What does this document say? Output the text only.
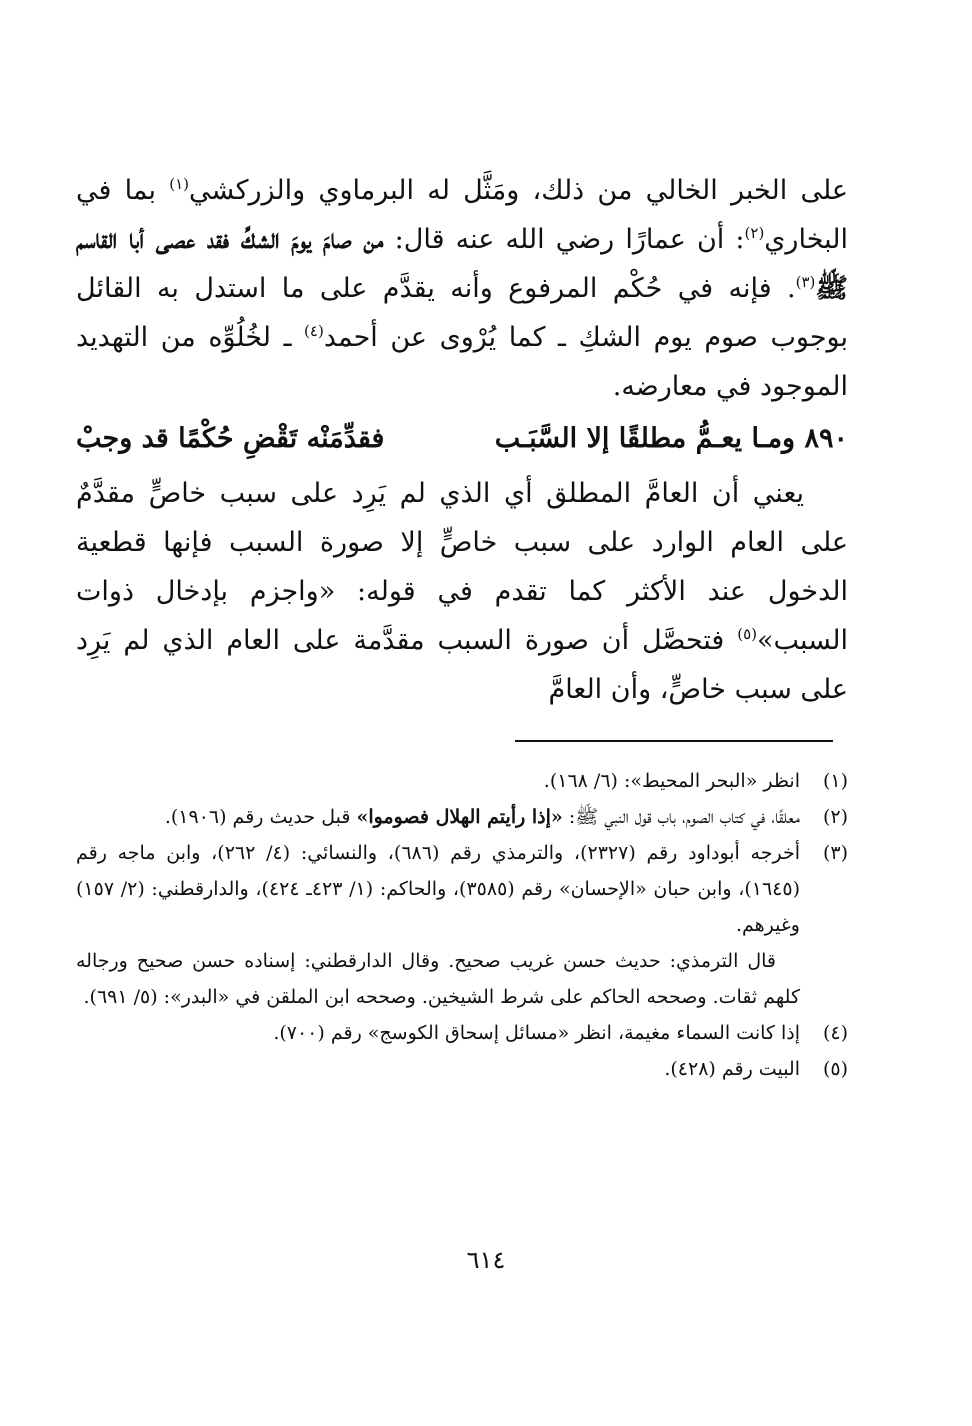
على الخبر الخالي من ذلك، ومَثَّل له البرماوي والزركشي$^{(١)}$ بما في البخاري$^{(٢)}$: أن عمارًا رضي الله عنه قال: من صامَ يومَ الشكِّ فقد عصى أبا القاسم ﷺ$^{(٣)}$. فإنه في حُكْم المرفوع وأنه يقدَّم على ما استدل به القائل بوجوب صوم يوم الشكِ ـ كما يُرْوى عن أحمد$^{(٤)}$ ـ لخُلُوِّه من التهديد الموجود في معارضه.

٨٩٠ ومـا يعـمُّ مطلقًا إلا السَّبَـب
فقدِّمَنْه تَقْضِ حُكْمًا قد وجبْ

يعني أن العامَّ المطلق أي الذي لم يَرِد على سبب خاصٍّ مقدَّمٌ على العام الوارد على سبب خاصٍّ إلا صورة السبب فإنها قطعية الدخول عند الأكثر كما تقدم في قوله: «واجزم بإدخال ذوات السبب»$^{(٥)}$ فتحصَّل أن صورة السبب مقدَّمة على العام الذي لم يَرِد على سبب خاصٍّ، وأن العامَّ

(١)
انظر «البحر المحيط»: (٦/ ١٦٨).
(٢)
معلقًا، في كتاب الصوم، باب قول النبي ﷺ: «إذا رأيتم الهلال فصوموا» قبل حديث رقم (١٩٠٦).
(٣)
أخرجه أبوداود رقم (٢٣٢٧)، والترمذي رقم (٦٨٦)، والنسائي: (٤/ ٢٦٢)، وابن ماجه رقم (١٦٤٥)، وابن حبان «الإحسان» رقم (٣٥٨٥)، والحاكم: (١/ ٤٢٣ـ ٤٢٤)، والدارقطني: (٢/ ١٥٧) وغيرهم.

قال الترمذي: حديث حسن غريب صحيح. وقال الدارقطني: إسناده حسن صحيح ورجاله كلهم ثقات. وصححه الحاكم على شرط الشيخين. وصححه ابن الملقن في «البدر»: (٥/ ٦٩١).

(٤)
إذا كانت السماء مغيمة، انظر «مسائل إسحاق الكوسج» رقم (٧٠٠).
(٥)
البيت رقم (٤٢٨).
٦١٤
